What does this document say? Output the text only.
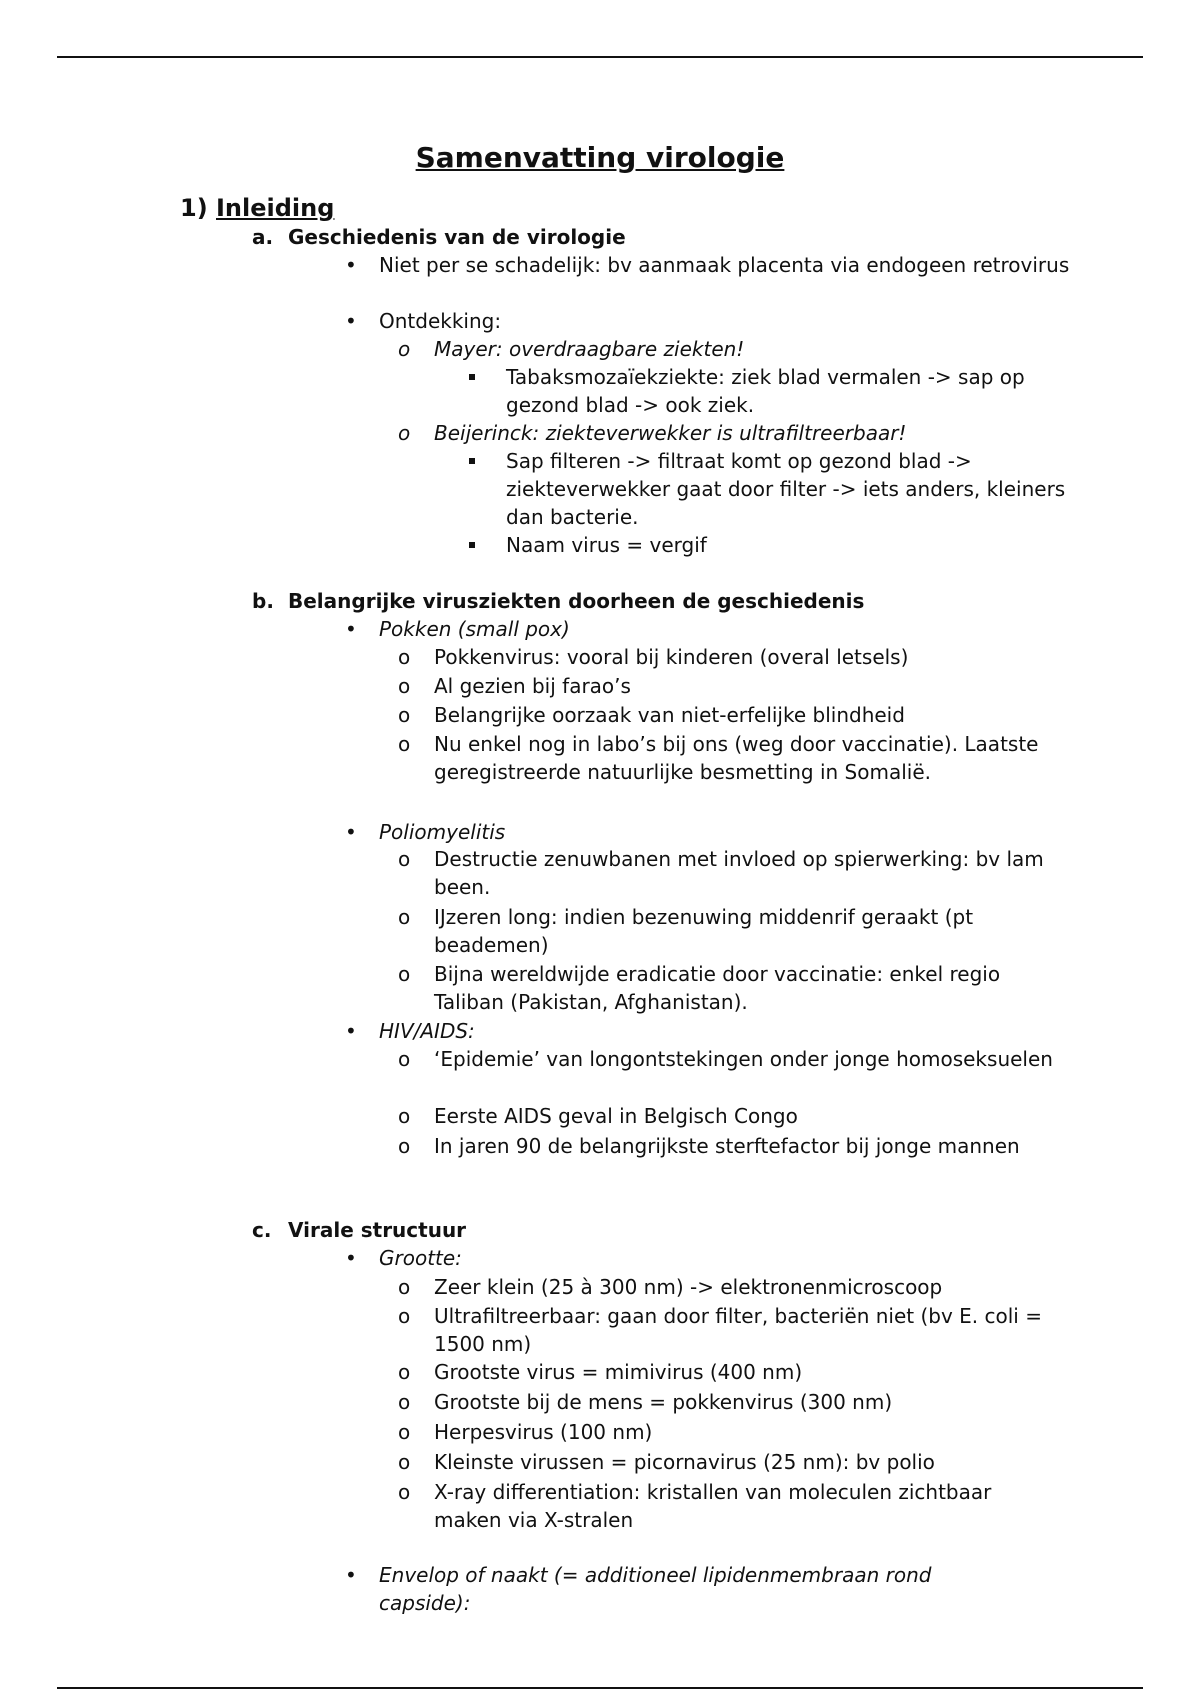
Samenvatting virologie
1) Inleiding
a. Geschiedenis van de virologie
• Niet per se schadelijk: bv aanmaak placenta via endogeen retrovirus
• Ontdekking:
o Mayer: overdraagbare ziekten!
Tabaksmozaïekziekte: ziek blad vermalen -> sap op gezond blad -> ook ziek.
o Beijerinck: ziekteverwekker is ultrafiltreerbaar!
Sap filteren -> filtraat komt op gezond blad -> ziekteverwekker gaat door filter -> iets anders, kleiners dan bacterie.
Naam virus = vergif
b. Belangrijke virusziekten doorheen de geschiedenis
• Pokken (small pox)
o Pokkenvirus: vooral bij kinderen (overal letsels)
o Al gezien bij farao’s
o Belangrijke oorzaak van niet-erfelijke blindheid
o Nu enkel nog in labo’s bij ons (weg door vaccinatie). Laatste geregistreerde natuurlijke besmetting in Somalië.
• Poliomyelitis
o Destructie zenuwbanen met invloed op spierwerking: bv lam been.
o IJzeren long: indien bezenuwing middenrif geraakt (pt beademen)
o Bijna wereldwijde eradicatie door vaccinatie: enkel regio Taliban (Pakistan, Afghanistan).
• HIV/AIDS:
o ‘Epidemie’ van longontstekingen onder jonge homoseksuelen
o Eerste AIDS geval in Belgisch Congo
o In jaren 90 de belangrijkste sterftefactor bij jonge mannen
c. Virale structuur
• Grootte:
o Zeer klein (25 à 300 nm) -> elektronenmicroscoop
o Ultrafiltreerbaar: gaan door filter, bacteriën niet (bv E. coli = 1500 nm)
o Grootste virus = mimivirus (400 nm)
o Grootste bij de mens = pokkenvirus (300 nm)
o Herpesvirus (100 nm)
o Kleinste virussen = picornavirus (25 nm): bv polio
o X-ray differentiation: kristallen van moleculen zichtbaar maken via X-stralen
• Envelop of naakt (= additioneel lipidenmembraan rond capside):
